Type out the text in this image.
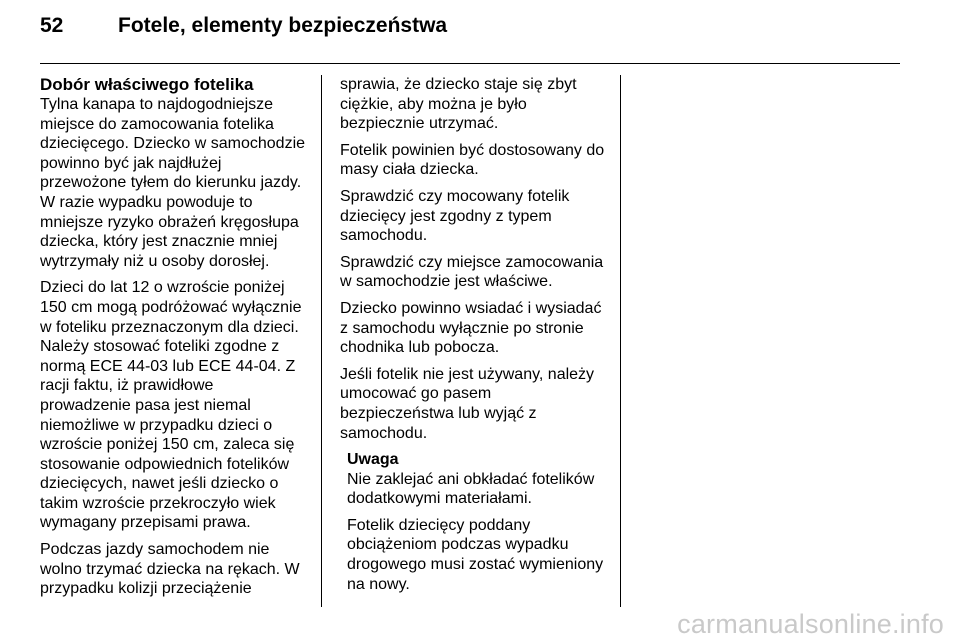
52	Fotele, elementy bezpieczeństwa
Dobór właściwego fotelika

Tylna kanapa to najdogodniejsze miejsce do zamocowania fotelika dziecięcego. Dziecko w samochodzie powinno być jak najdłużej przewożone tyłem do kierunku jazdy. W razie wypadku powoduje to mniejsze ryzyko obrażeń kręgosłupa dziecka, który jest znacznie mniej wytrzymały niż u osoby dorosłej.

Dzieci do lat 12 o wzroście poniżej 150 cm mogą podróżować wyłącznie w foteliku przeznaczonym dla dzieci. Należy stosować foteliki zgodne z normą ECE 44-03 lub ECE 44-04. Z racji faktu, iż prawidłowe prowadzenie pasa jest niemal niemożliwe w przypadku dzieci o wzroście poniżej 150 cm, zaleca się stosowanie odpowiednich fotelików dziecięcych, nawet jeśli dziecko o takim wzroście przekroczyło wiek wymagany przepisami prawa.

Podczas jazdy samochodem nie wolno trzymać dziecka na rękach. W przypadku kolizji przeciążenie

sprawia, że dziecko staje się zbyt ciężkie, aby można je było bezpiecznie utrzymać.

Fotelik powinien być dostosowany do masy ciała dziecka.

Sprawdzić czy mocowany fotelik dziecięcy jest zgodny z typem samochodu.

Sprawdzić czy miejsce zamocowania w samochodzie jest właściwe.

Dziecko powinno wsiadać i wysiadać z samochodu wyłącznie po stronie chodnika lub pobocza.

Jeśli fotelik nie jest używany, należy umocować go pasem bezpieczeństwa lub wyjąć z samochodu.

Uwaga

Nie zaklejać ani obkładać fotelików dodatkowymi materiałami.

Fotelik dziecięcy poddany obciążeniom podczas wypadku drogowego musi zostać wymieniony na nowy.

carmanualsonline.info
